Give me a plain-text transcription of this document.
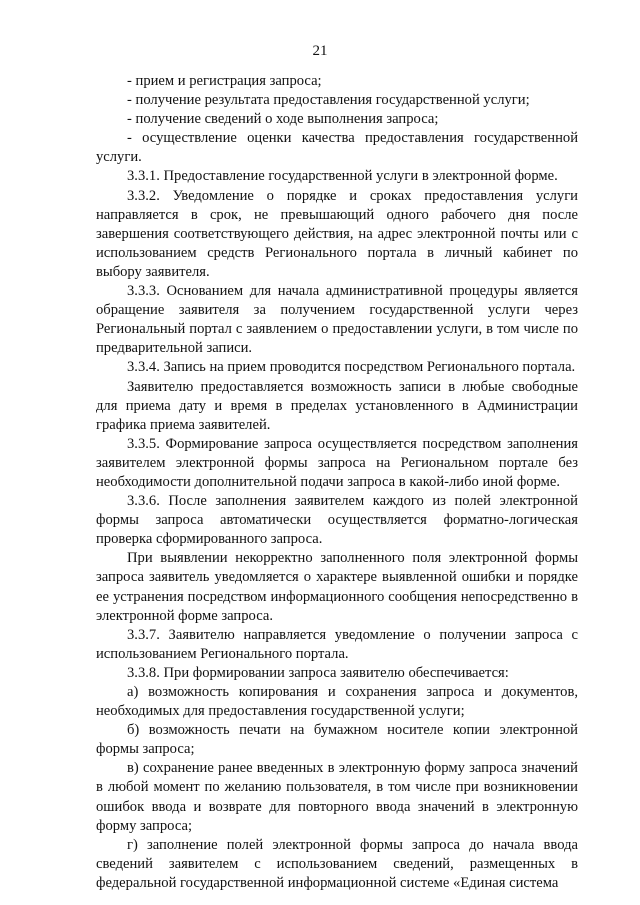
21

- прием и регистрация запроса;

- получение результата предоставления государственной услуги;

- получение сведений о ходе выполнения запроса;

- осуществление оценки качества предоставления государственной услуги.

3.3.1. Предоставление государственной услуги в электронной форме.

3.3.2. Уведомление о порядке и сроках предоставления услуги направляется в срок, не превышающий одного рабочего дня после завершения соответствующего действия, на адрес электронной почты или с использованием средств Регионального портала в личный кабинет по выбору заявителя.

3.3.3. Основанием для начала административной процедуры является обращение заявителя за получением государственной услуги через Региональный портал с заявлением о предоставлении услуги, в том числе по предварительной записи.

3.3.4. Запись на прием проводится посредством Регионального портала.

Заявителю предоставляется возможность записи в любые свободные для приема дату и время в пределах установленного в Администрации графика приема заявителей.

3.3.5. Формирование запроса осуществляется посредством заполнения заявителем электронной формы запроса на Региональном портале без необходимости дополнительной подачи запроса в какой-либо иной форме.

3.3.6. После заполнения заявителем каждого из полей электронной формы запроса автоматически осуществляется форматно-логическая проверка сформированного запроса.

При выявлении некорректно заполненного поля электронной формы запроса заявитель уведомляется о характере выявленной ошибки и порядке ее устранения посредством информационного сообщения непосредственно в электронной форме запроса.

3.3.7. Заявителю направляется уведомление о получении запроса с использованием Регионального портала.

3.3.8. При формировании запроса заявителю обеспечивается:

а) возможность копирования и сохранения запроса и документов, необходимых для предоставления государственной услуги;

б) возможность печати на бумажном носителе копии электронной формы запроса;

в) сохранение ранее введенных в электронную форму запроса значений в любой момент по желанию пользователя, в том числе при возникновении ошибок ввода и возврате для повторного ввода значений в электронную форму запроса;

г) заполнение полей электронной формы запроса до начала ввода сведений заявителем с использованием сведений, размещенных в федеральной государственной информационной системе «Единая система
